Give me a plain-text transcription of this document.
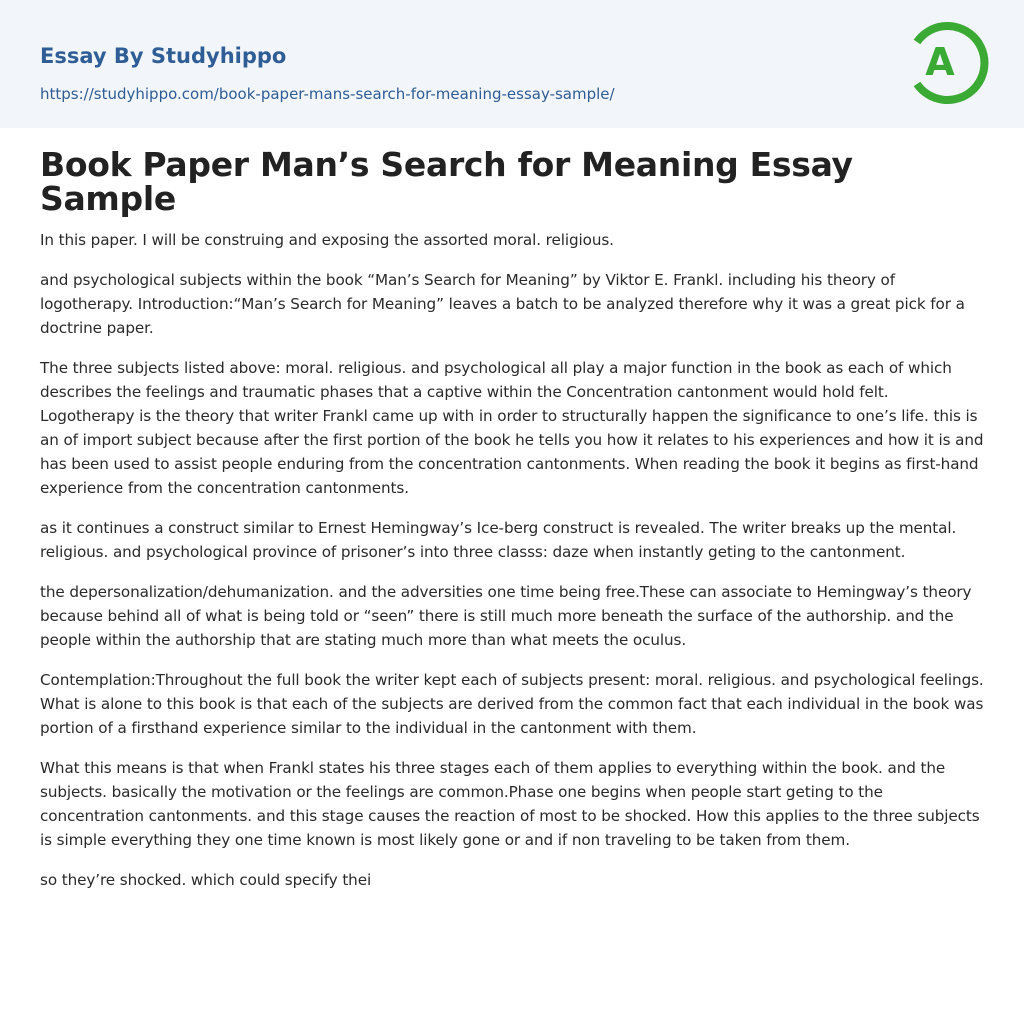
Essay By Studyhippo
https://studyhippo.com/book-paper-mans-search-for-meaning-essay-sample/
A
Book Paper Man’s Search for Meaning Essay Sample

In this paper. I will be construing and exposing the assorted moral. religious.

and psychological subjects within the book “Man’s Search for Meaning” by Viktor E. Frankl. including his theory of logotherapy. Introduction:“Man’s Search for Meaning” leaves a batch to be analyzed therefore why it was a great pick for a doctrine paper.

The three subjects listed above: moral. religious. and psychological all play a major function in the book as each of which describes the feelings and traumatic phases that a captive within the Concentration cantonment would hold felt. Logotherapy is the theory that writer Frankl came up with in order to structurally happen the significance to one’s life. this is an of import subject because after the first portion of the book he tells you how it relates to his experiences and how it is and has been used to assist people enduring from the concentration cantonments. When reading the book it begins as first-hand experience from the concentration cantonments.

as it continues a construct similar to Ernest Hemingway’s Ice-berg construct is revealed. The writer breaks up the mental. religious. and psychological province of prisoner’s into three classs: daze when instantly geting to the cantonment.

the depersonalization/dehumanization. and the adversities one time being free.These can associate to Hemingway’s theory because behind all of what is being told or “seen” there is still much more beneath the surface of the authorship. and the people within the authorship that are stating much more than what meets the oculus.

Contemplation:Throughout the full book the writer kept each of subjects present: moral. religious. and psychological feelings. What is alone to this book is that each of the subjects are derived from the common fact that each individual in the book was portion of a firsthand experience similar to the individual in the cantonment with them.

What this means is that when Frankl states his three stages each of them applies to everything within the book. and the subjects. basically the motivation or the feelings are common.Phase one begins when people start geting to the concentration cantonments. and this stage causes the reaction of most to be shocked. How this applies to the three subjects is simple everything they one time known is most likely gone or and if non traveling to be taken from them.

so they’re shocked. which could specify thei
